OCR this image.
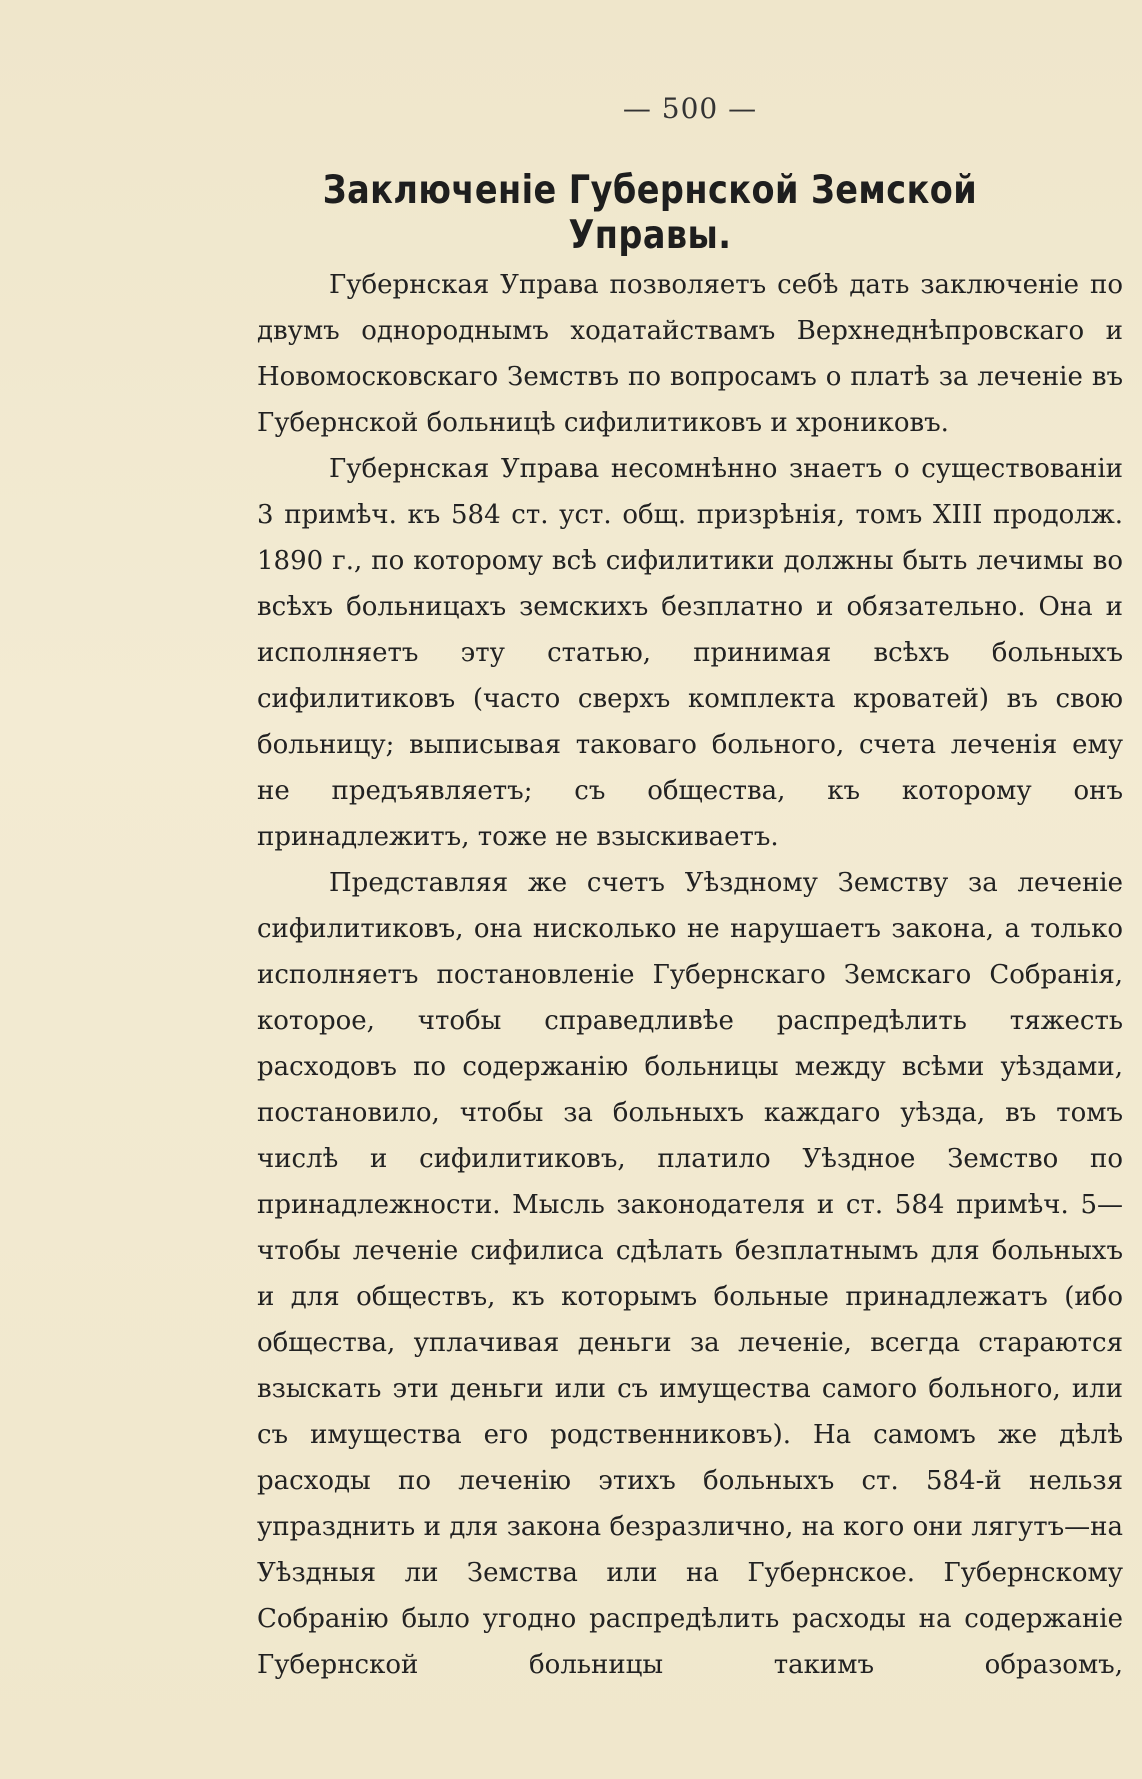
— 500 —
Заключенiе Губернской Земской Управы.

Губернская Управа позволяетъ себѣ дать заключенiе по двумъ однороднымъ ходатайствамъ Верхнеднѣпровскаго и Новомосковскаго Земствъ по вопросамъ о платѣ за леченiе въ Губернской больницѣ сифилитиковъ и хрониковъ.

Губернская Управа несомнѣнно знаетъ о существованiи 3 примѣч. къ 584 ст. уст. общ. призрѣнiя, томъ XIII продолж. 1890 г., по которому всѣ сифилитики должны быть лечимы во всѣхъ больницахъ земскихъ безплатно и обязательно. Она и исполняетъ эту статью, принимая всѣхъ больныхъ сифилитиковъ (часто сверхъ комплекта кроватей) въ свою больницу; выписывая таковаго больного, счета леченiя ему не предъявляетъ; съ общества, къ которому онъ принадлежитъ, тоже не взыскиваетъ.

Представляя же счетъ Уѣздному Земству за леченiе сифилитиковъ, она нисколько не нарушаетъ закона, а только исполняетъ постановленiе Губернскаго Земскаго Собранiя, которое, чтобы справедливѣе распредѣлить тяжесть расходовъ по содержанiю больницы между всѣми уѣздами, постановило, чтобы за больныхъ каждаго уѣзда, въ томъ числѣ и сифилитиковъ, платило Уѣздное Земство по принадлежности. Мысль законодателя и ст. 584 примѣч. 5—чтобы леченiе сифилиса сдѣлать безплатнымъ для больныхъ и для обществъ, къ которымъ больные принадлежатъ (ибо общества, уплачивая деньги за леченiе, всегда стараются взыскать эти деньги или съ имущества самого больного, или съ имущества его родственниковъ). На самомъ же дѣлѣ расходы по леченiю этихъ больныхъ ст. 584-й нельзя упразднить и для закона безразлично, на кого они лягутъ—на Уѣздныя ли Земства или на Губернское. Губернскому Собранiю было угодно распредѣлить расходы на содержанiе Губернской больницы такимъ образомъ,
